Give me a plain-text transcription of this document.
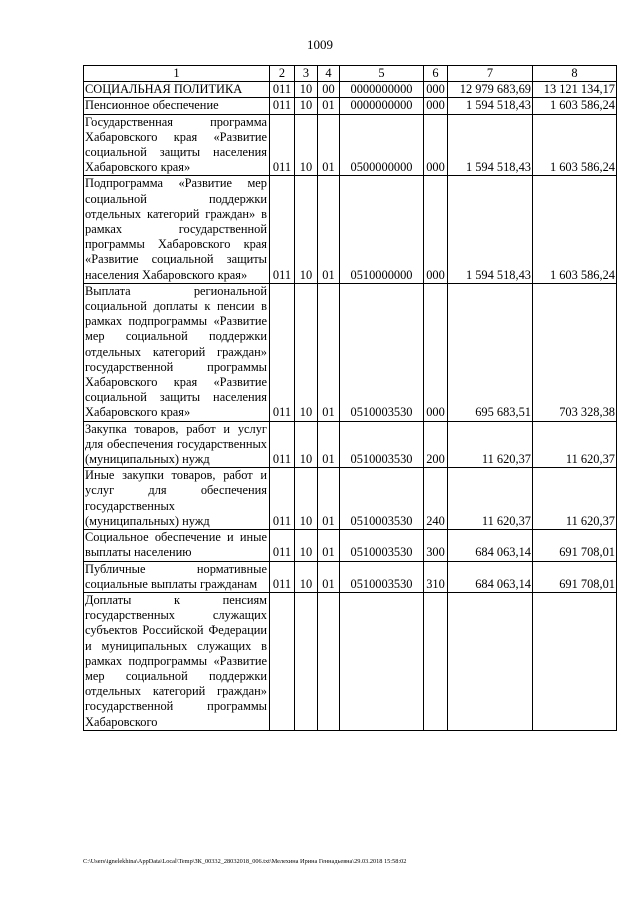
1009
1	2	3	4	5	6	7	8
СОЦИАЛЬНАЯ ПОЛИТИКА	011	10	00	0000000000	000	12 979 683,69	13 121 134,17
Пенсионное обеспечение	011	10	01	0000000000	000	1 594 518,43	1 603 586,24
Государственная программа Хабаровского края «Развитие социальной защиты населения Хабаровского края»	011	10	01	0500000000	000	1 594 518,43	1 603 586,24
Подпрограмма «Развитие мер социальной поддержки отдельных категорий граждан» в рамках государственной программы Хабаровского края «Развитие социальной защиты населения Хабаровского края»	011	10	01	0510000000	000	1 594 518,43	1 603 586,24
Выплата региональной социальной доплаты к пенсии в рамках подпрограммы «Развитие мер социальной поддержки отдельных категорий граждан» государственной программы Хабаровского края «Развитие социальной защиты населения Хабаровского края»	011	10	01	0510003530	000	695 683,51	703 328,38
Закупка товаров, работ и услуг для обеспечения государственных (муниципальных) нужд	011	10	01	0510003530	200	11 620,37	11 620,37
Иные закупки товаров, работ и услуг для обеспечения государственных (муниципальных) нужд	011	10	01	0510003530	240	11 620,37	11 620,37
Социальное обеспечение и иные выплаты населению	011	10	01	0510003530	300	684 063,14	691 708,01
Публичные нормативные социальные выплаты гражданам	011	10	01	0510003530	310	684 063,14	691 708,01
Доплаты к пенсиям государственных служащих субъектов Российской Федерации и муниципальных служащих в рамках подпрограммы «Развитие мер социальной поддержки отдельных категорий граждан» государственной программы Хабаровского							
C:\Users\ignelekhina\AppData\Local\Temp\ЗК_00332_28032018_006.txt\Мелехина Ирина Геннадьевна\29.03.2018 15:58:02
